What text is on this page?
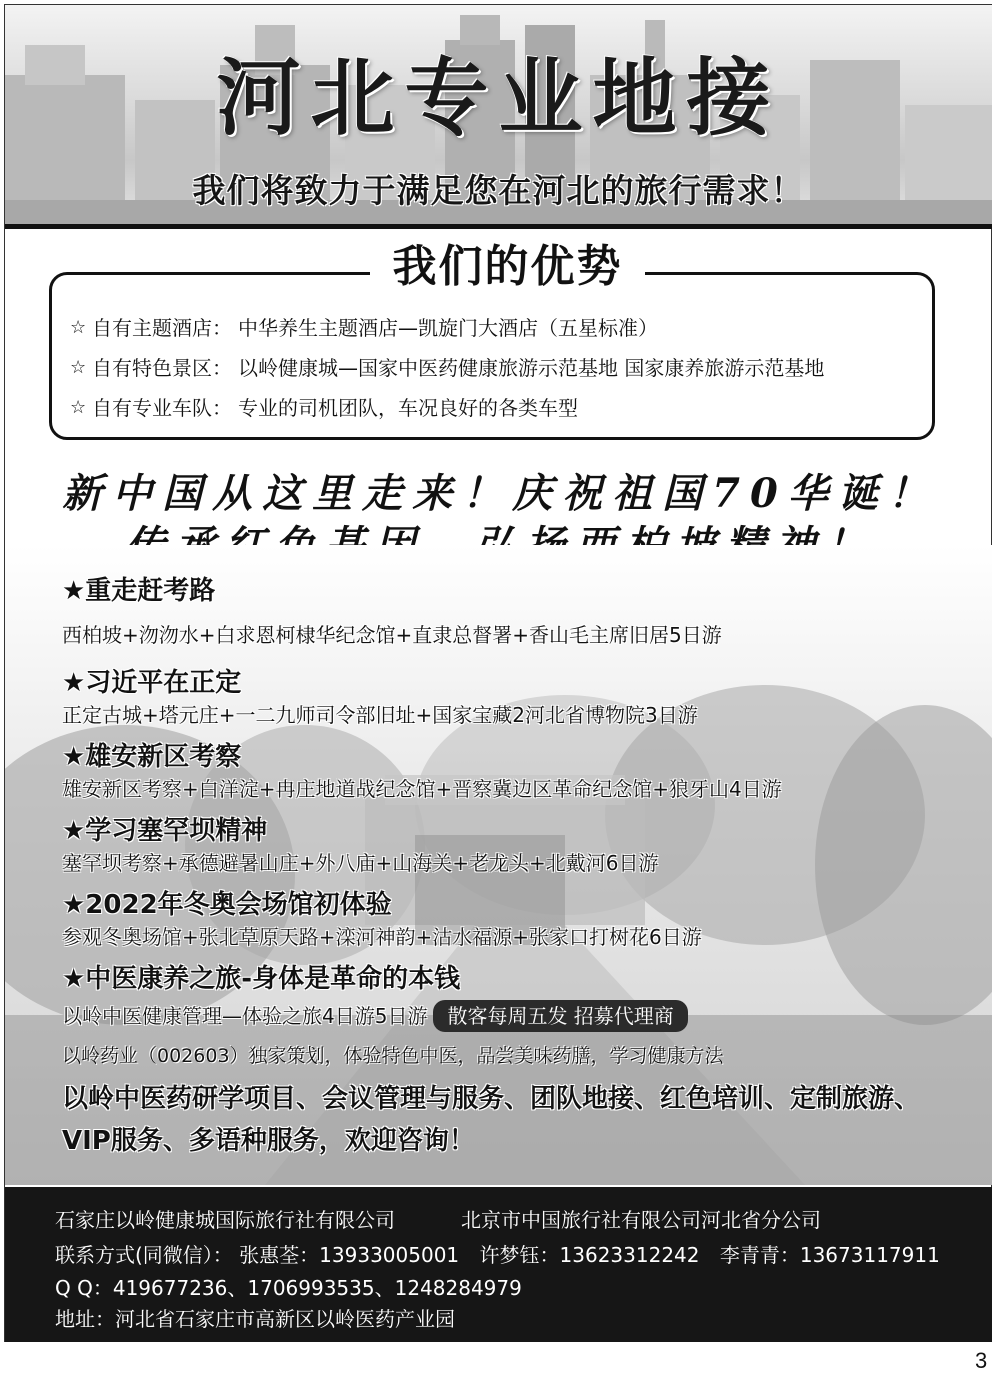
河北专业地接
我们将致力于满足您在河北的旅行需求！
我们的优势
☆ 自有主题酒店： 中华养生主题酒店—凯旋门大酒店（五星标准）
☆ 自有特色景区： 以岭健康城—国家中医药健康旅游示范基地 国家康养旅游示范基地
☆ 自有专业车队： 专业的司机团队，车况良好的各类车型
新中国从这里走来！庆祝祖国70华诞！
★重走赶考路
西柏坡+沕沕水+白求恩柯棣华纪念馆+直隶总督署+香山毛主席旧居5日游
★习近平在正定
正定古城+塔元庄+一二九师司令部旧址+国家宝藏2河北省博物院3日游
★雄安新区考察
雄安新区考察+白洋淀+冉庄地道战纪念馆+晋察冀边区革命纪念馆+狼牙山4日游
★学习塞罕坝精神
塞罕坝考察+承德避暑山庄+外八庙+山海关+老龙头+北戴河6日游
★2022年冬奥会场馆初体验
参观冬奥场馆+张北草原天路+滦河神韵+沽水福源+张家口打树花6日游
★中医康养之旅-身体是革命的本钱
以岭中医健康管理—体验之旅4日游5日游 散客每周五发 招募代理商
以岭药业（002603）独家策划，体验特色中医，品尝美味药膳，学习健康方法
以岭中医药研学项目、会议管理与服务、团队地接、红色培训、定制旅游、VIP服务、多语种服务，欢迎咨询！
石家庄以岭健康城国际旅行社有限公司	北京市中国旅行社有限公司河北省分公司
联系方式(同微信）： 张惠荃：13933005001 许梦钰：13623312242 李青青：13673117911
Q Q：419677236、1706993535、1248284979
地址：河北省石家庄市高新区以岭医药产业园
3
